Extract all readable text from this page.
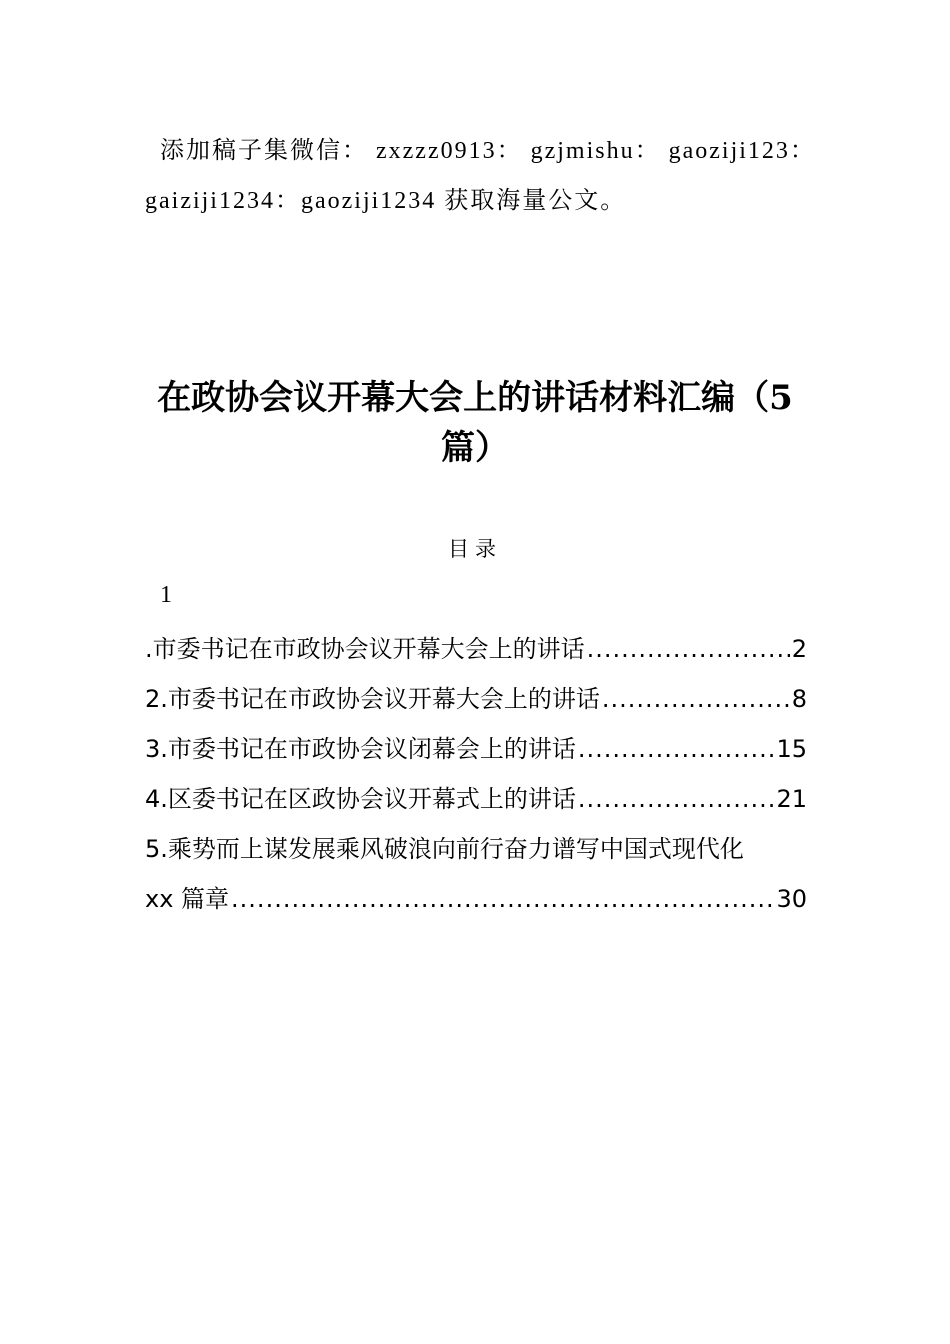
添加稿子集微信： zxzzz0913： gzjmishu： gaoziji123：
gaiziji1234：gaoziji1234 获取海量公文。
在政协会议开幕大会上的讲话材料汇编（5
篇）
目录
1
.市委书记在市政协会议开幕大会上的讲话 .....	2
2.市委书记在市政协会议开幕大会上的讲话 .....	8
3.市委书记在市政协会议闭幕会上的讲话 .....	15
4.区委书记在区政协会议开幕式上的讲话 .....	21
5.乘势而上谋发展乘风破浪向前行奋力谱写中国式现代化
xx 篇章 .....	30
